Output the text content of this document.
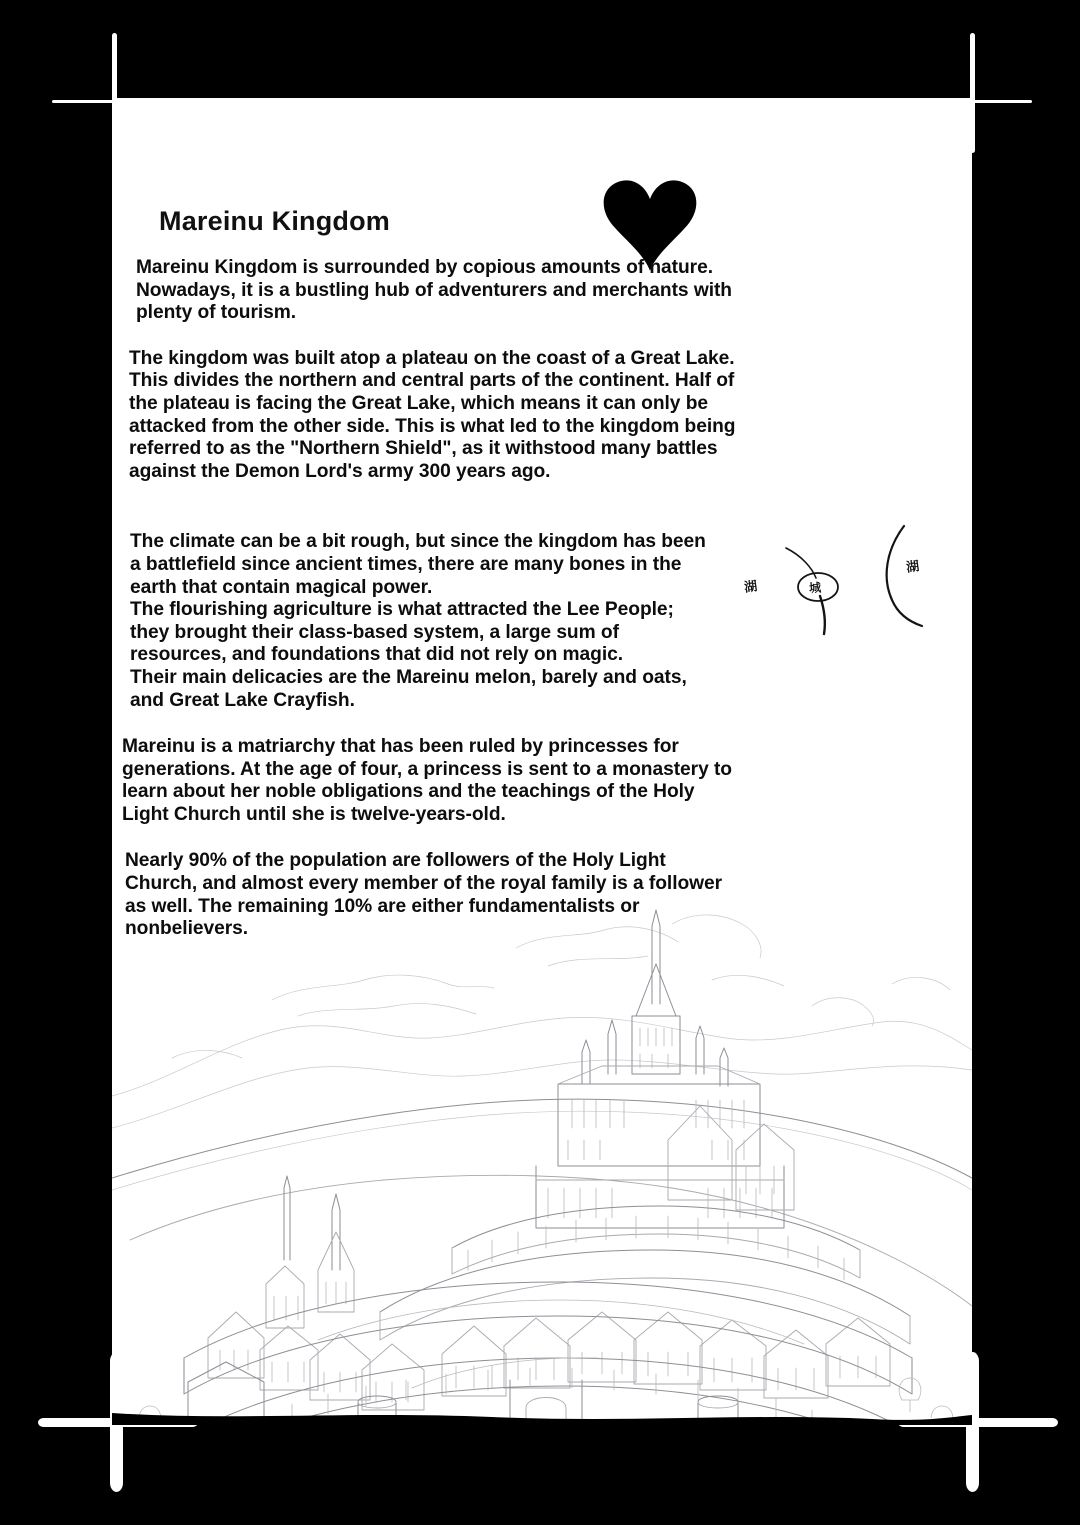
Mareinu Kingdom
Mareinu Kingdom is surrounded by copious amounts of nature.
Nowadays, it is a bustling hub of adventurers and merchants with
plenty of tourism.
The kingdom was built atop a plateau on the coast of a Great Lake.
This divides the northern and central parts of the continent. Half of
the plateau is facing the Great Lake, which means it can only be
attacked from the other side. This is what led to the kingdom being
referred to as the "Northern Shield", as it withstood many battles
against the Demon Lord's army 300 years ago.
The climate can be a bit rough, but since the kingdom has been
a battlefield since ancient times, there are many bones in the
earth that contain magical power.
The flourishing agriculture is what attracted the Lee People;
they brought their class-based system, a large sum of
resources, and foundations that did not rely on magic.
Their main delicacies are the Mareinu melon, barely and oats,
and Great Lake Crayfish.
Mareinu is a matriarchy that has been ruled by princesses for
generations. At the age of four, a princess is sent to a monastery to
learn about her noble obligations and the teachings of the Holy
Light Church until she is twelve-years-old.
Nearly 90% of the population are followers of the Holy Light
Church, and almost every member of the royal family is a follower
as well. The remaining 10% are either fundamentalists or
nonbelievers.
湖	城
湖
